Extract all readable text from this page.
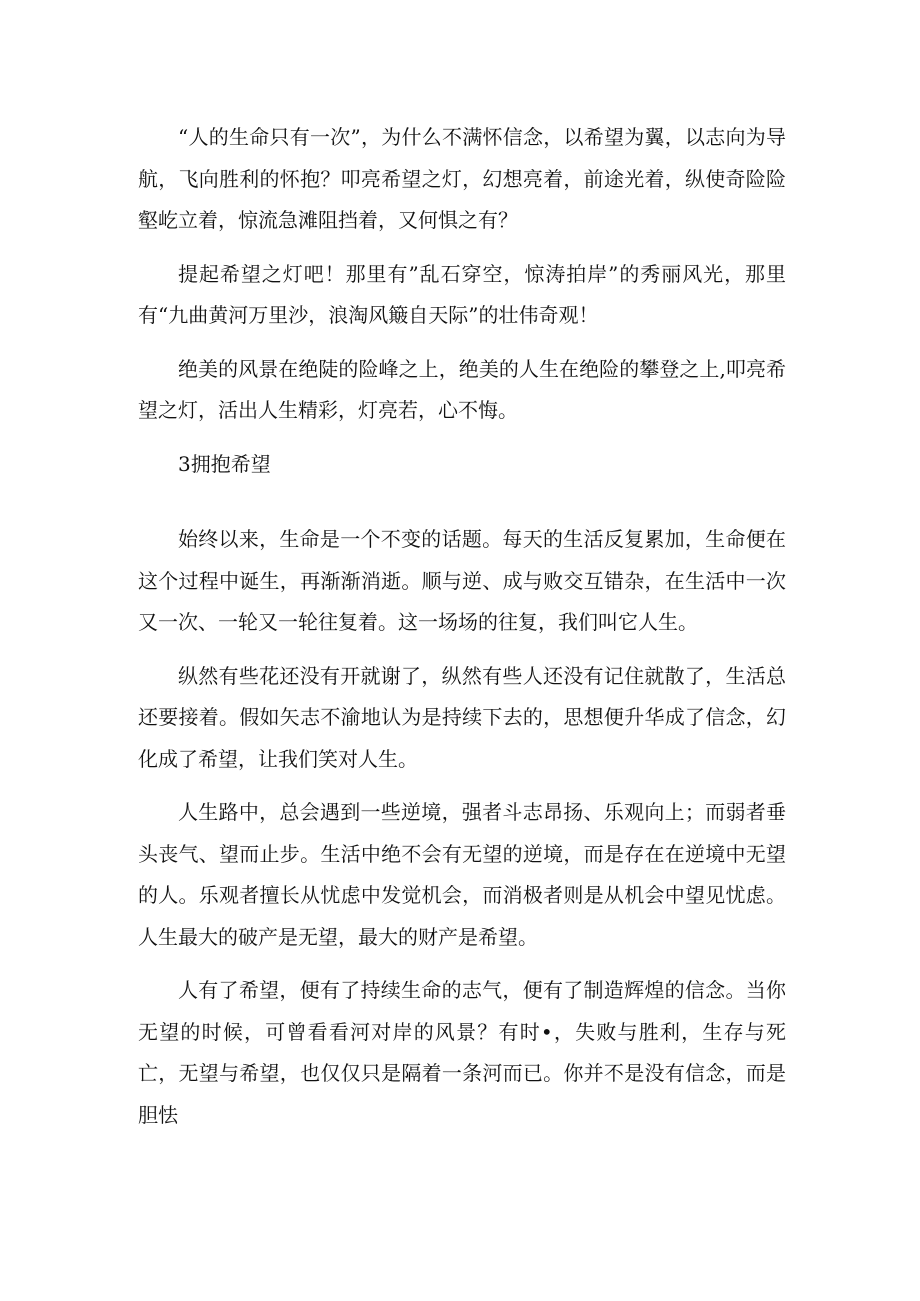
“人的生命只有一次”，为什么不满怀信念，以希望为翼，以志向为导航，飞向胜利的怀抱？叩亮希望之灯，幻想亮着，前途光着，纵使奇险险壑屹立着，惊流急滩阻挡着，又何惧之有？

提起希望之灯吧！那里有”乱石穿空，惊涛拍岸”的秀丽风光，那里有“九曲黄河万里沙，浪淘风簸自天际”的壮伟奇观！

绝美的风景在绝陡的险峰之上，绝美的人生在绝险的攀登之上,叩亮希望之灯，活出人生精彩，灯亮若，心不悔。

3拥抱希望

始终以来，生命是一个不变的话题。每天的生活反复累加，生命便在这个过程中诞生，再渐渐消逝。顺与逆、成与败交互错杂，在生活中一次又一次、一轮又一轮往复着。这一场场的往复，我们叫它人生。

纵然有些花还没有开就谢了，纵然有些人还没有记住就散了，生活总还要接着。假如矢志不渝地认为是持续下去的，思想便升华成了信念，幻化成了希望，让我们笑对人生。

人生路中，总会遇到一些逆境，强者斗志昂扬、乐观向上；而弱者垂头丧气、望而止步。生活中绝不会有无望的逆境，而是存在在逆境中无望的人。乐观者擅长从忧虑中发觉机会，而消极者则是从机会中望见忧虑。人生最大的破产是无望，最大的财产是希望。

人有了希望，便有了持续生命的志气，便有了制造辉煌的信念。当你无望的时候，可曾看看河对岸的风景？有时•，失败与胜利，生存与死亡，无望与希望，也仅仅只是隔着一条河而已。你并不是没有信念，而是胆怯
